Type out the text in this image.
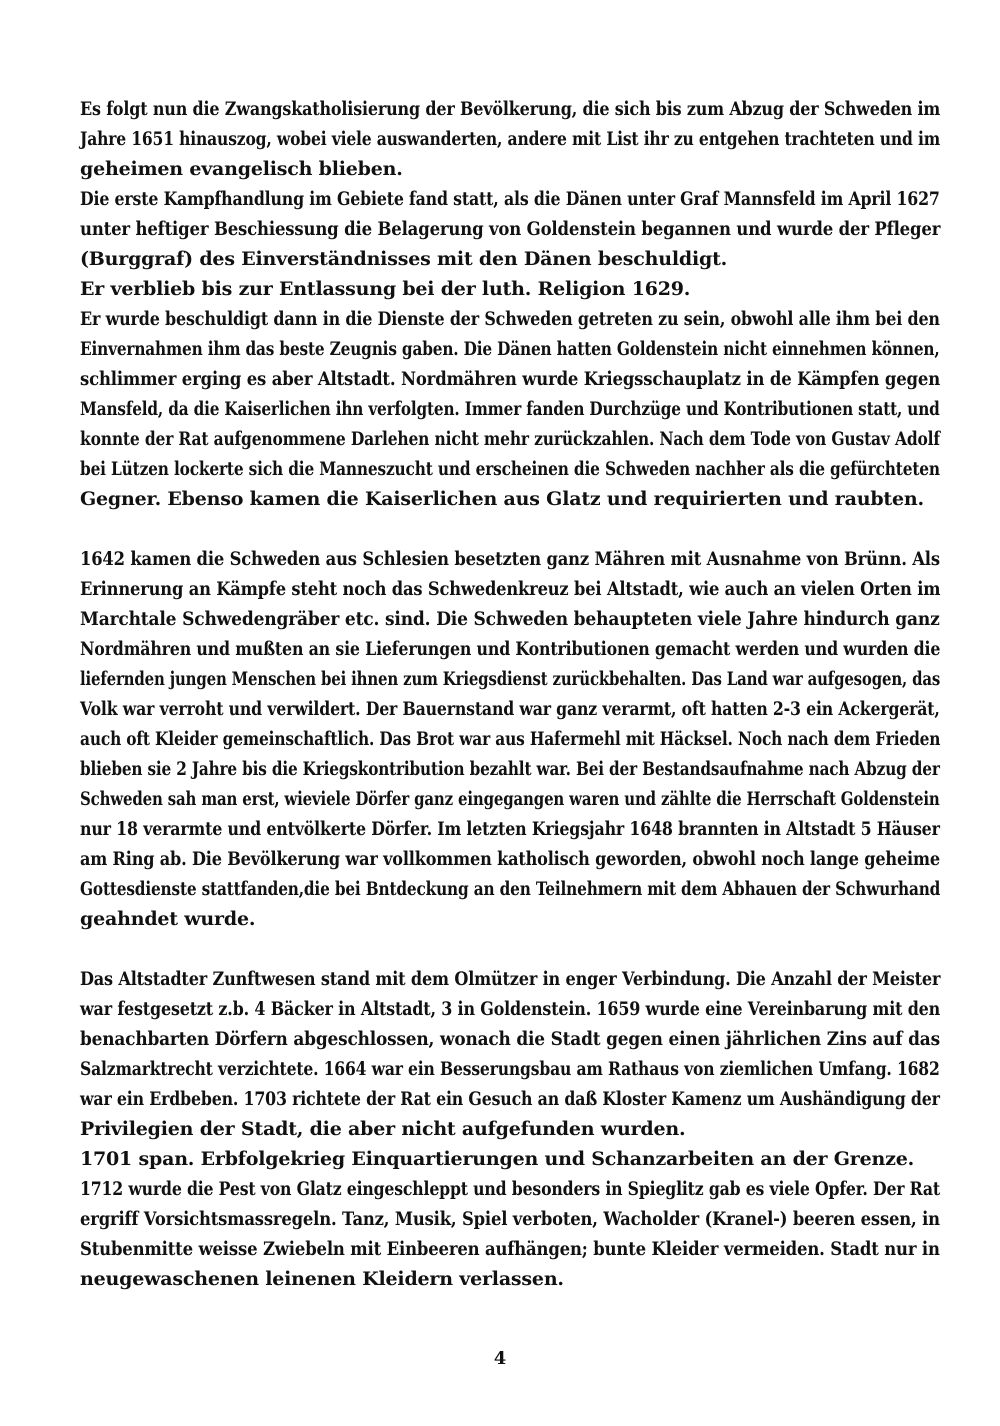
Es folgt nun die Zwangskatholisierung der Bevölkerung, die sich bis zum Abzug der Schweden im
Jahre 1651 hinauszog, wobei viele auswanderten, andere mit List ihr zu entgehen trachteten und im
geheimen evangelisch blieben.
Die erste Kampfhandlung im Gebiete fand statt, als die Dänen unter Graf Mannsfeld im April 1627
unter heftiger Beschiessung die Belagerung von Goldenstein begannen und wurde der Pfleger
(Burggraf) des Einverständnisses mit den Dänen beschuldigt.
Er verblieb bis zur Entlassung bei der luth. Religion 1629.
Er wurde beschuldigt dann in die Dienste der Schweden getreten zu sein, obwohl alle ihm bei den
Einvernahmen ihm das beste Zeugnis gaben. Die Dänen hatten Goldenstein nicht einnehmen können,
schlimmer erging es aber Altstadt. Nordmähren wurde Kriegsschauplatz in de Kämpfen gegen
Mansfeld, da die Kaiserlichen ihn verfolgten. Immer fanden Durchzüge und Kontributionen statt, und
konnte der Rat aufgenommene Darlehen nicht mehr zurückzahlen. Nach dem Tode von Gustav Adolf
bei Lützen lockerte sich die Manneszucht und erscheinen die Schweden nachher als die gefürchteten
Gegner. Ebenso kamen die Kaiserlichen aus Glatz und requirierten und raubten.
1642 kamen die Schweden aus Schlesien besetzten ganz Mähren mit Ausnahme von Brünn. Als
Erinnerung an Kämpfe steht noch das Schwedenkreuz bei Altstadt, wie auch an vielen Orten im
Marchtale Schwedengräber etc. sind. Die Schweden behaupteten viele Jahre hindurch ganz
Nordmähren und mußten an sie Lieferungen und Kontributionen gemacht werden und wurden die
liefernden jungen Menschen bei ihnen zum Kriegsdienst zurückbehalten. Das Land war aufgesogen, das
Volk war verroht und verwildert. Der Bauernstand war ganz verarmt, oft hatten 2-3 ein Ackergerät,
auch oft Kleider gemeinschaftlich. Das Brot war aus Hafermehl mit Häcksel. Noch nach dem Frieden
blieben sie 2 Jahre bis die Kriegskontribution bezahlt war. Bei der Bestandsaufnahme nach Abzug der
Schweden sah man erst, wieviele Dörfer ganz eingegangen waren und zählte die Herrschaft Goldenstein
nur 18 verarmte und entvölkerte Dörfer. Im letzten Kriegsjahr 1648 brannten in Altstadt 5 Häuser
am Ring ab. Die Bevölkerung war vollkommen katholisch geworden, obwohl noch lange geheime
Gottesdienste stattfanden,die bei Bntdeckung an den Teilnehmern mit dem Abhauen der Schwurhand
geahndet wurde.
Das Altstadter Zunftwesen stand mit dem Olmützer in enger Verbindung. Die Anzahl der Meister
war festgesetzt z.b. 4 Bäcker in Altstadt, 3 in Goldenstein. 1659 wurde eine Vereinbarung mit den
benachbarten Dörfern abgeschlossen, wonach die Stadt gegen einen jährlichen Zins auf das
Salzmarktrecht verzichtete. 1664 war ein Besserungsbau am Rathaus von ziemlichen Umfang. 1682
war ein Erdbeben. 1703 richtete der Rat ein Gesuch an daß Kloster Kamenz um Aushändigung der
Privilegien der Stadt, die aber nicht aufgefunden wurden.
1701 span. Erbfolgekrieg Einquartierungen und Schanzarbeiten an der Grenze.
1712 wurde die Pest von Glatz eingeschleppt und besonders in Spieglitz gab es viele Opfer. Der Rat
ergriff Vorsichtsmassregeln. Tanz, Musik, Spiel verboten, Wacholder (Kranel-) beeren essen, in
Stubenmitte weisse Zwiebeln mit Einbeeren aufhängen; bunte Kleider vermeiden. Stadt nur in
neugewaschenen leinenen Kleidern verlassen.
4
